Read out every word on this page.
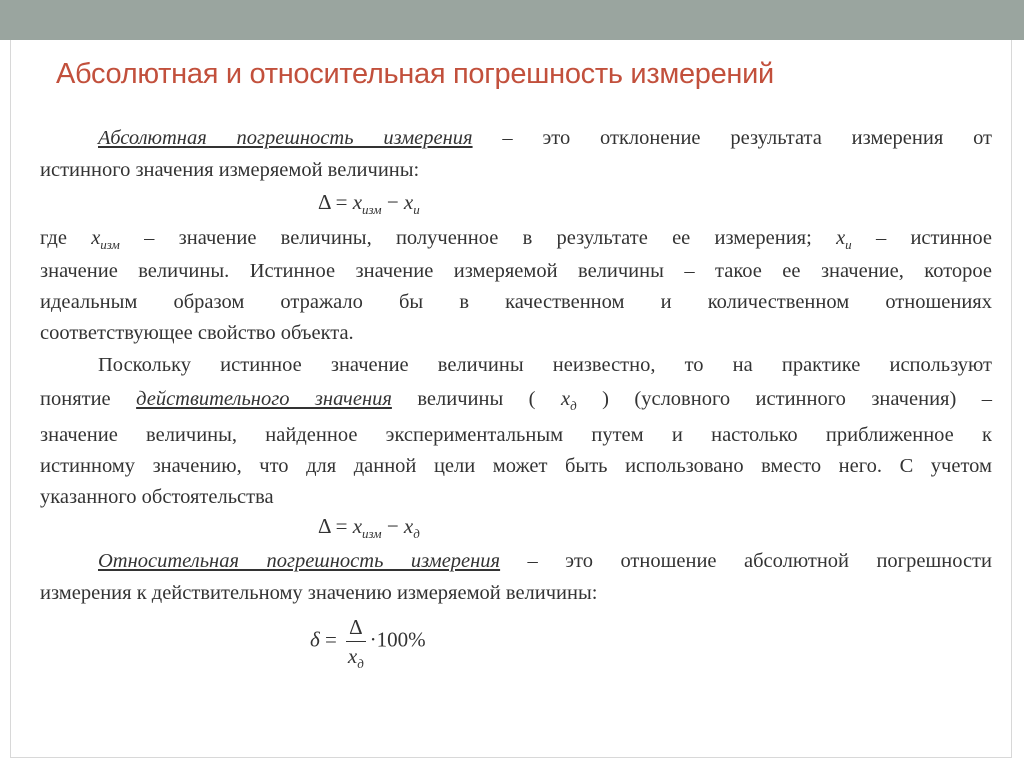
Абсолютная и относительная погрешность измерений
Абсолютная погрешность измерения – это отклонение результата измерения от
истинного значения измеряемой величины:
$\Delta = x_{изм} - x_и$
где $x_{изм}$ – значение величины, полученное в результате ее измерения; $x_и$ – истинное
значение величины. Истинное значение измеряемой величины – такое ее значение, которое
идеальным образом отражало бы в качественном и количественном отношениях
соответствующее свойство объекта.
Поскольку истинное значение величины неизвестно, то на практике используют
понятие действительного значения величины ( $x_д$ ) (условного истинного значения) –
значение величины, найденное экспериментальным путем и настолько приближенное к
истинному значению, что для данной цели может быть использовано вместо него. С учетом
указанного обстоятельства
$\Delta = x_{изм} - x_д$
Относительная погрешность измерения – это отношение абсолютной погрешности
измерения к действительному значению измеряемой величины:
$\delta = \frac{\Delta}{x_д} \cdot 100\%$
